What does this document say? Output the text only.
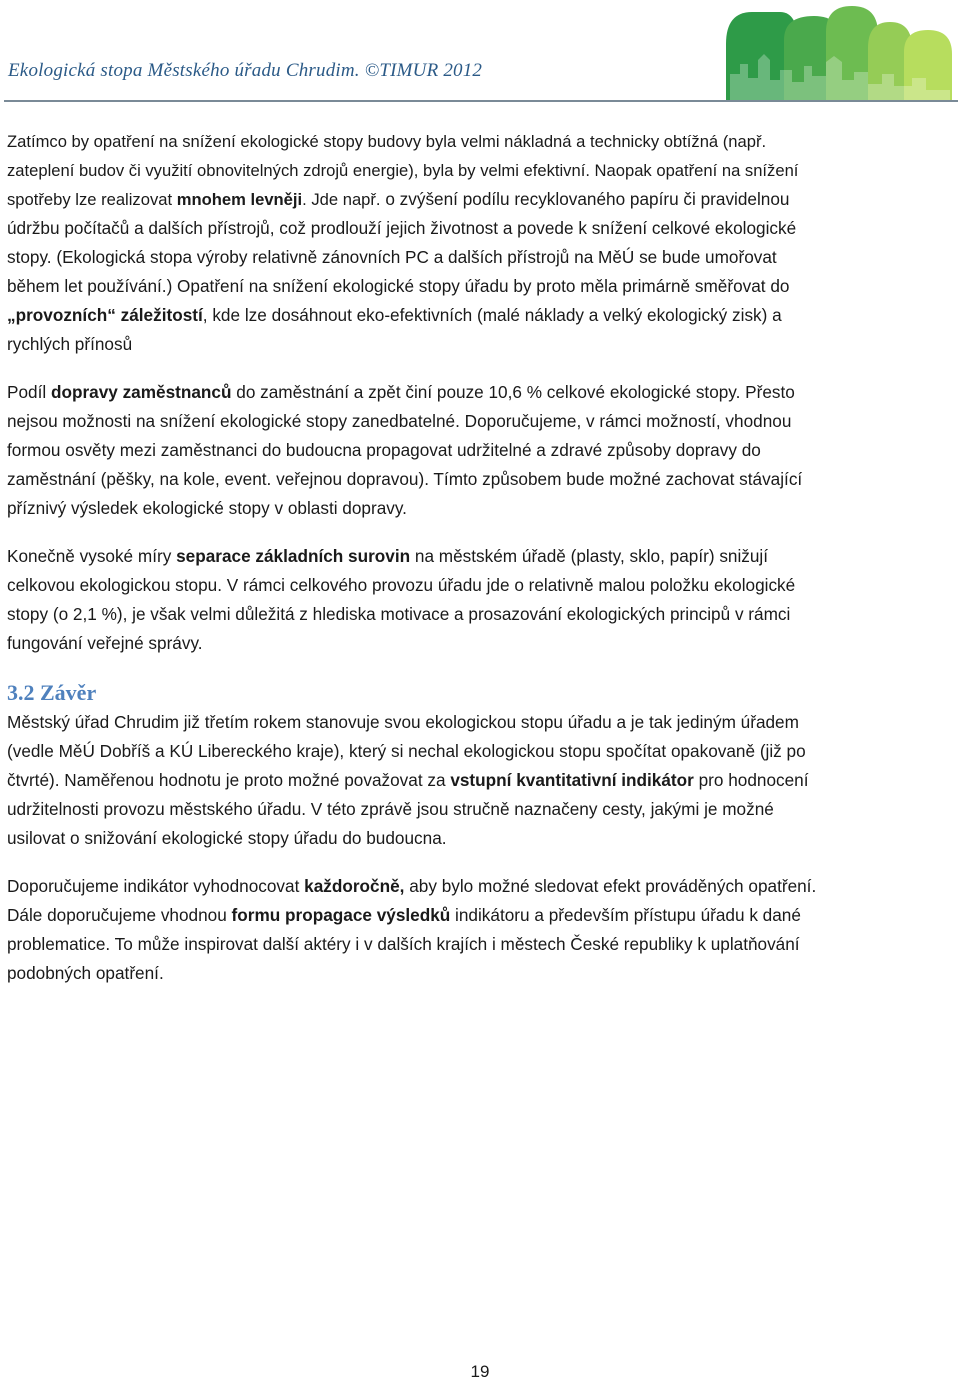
Ekologická stopa Městského úřadu Chrudim. ©TIMUR 2012

Zatímco by opatření na snížení ekologické stopy budovy byla velmi nákladná a technicky obtížná (např. zateplení budov či využití obnovitelných zdrojů energie), byla by velmi efektivní. Naopak opatření na snížení spotřeby lze realizovat mnohem levněji. Jde např. o zvýšení podílu recyklovaného papíru či pravidelnou údržbu počítačů a dalších přístrojů, což prodlouží jejich životnost a povede k snížení celkové ekologické stopy. (Ekologická stopa výroby relativně zánovních PC a dalších přístrojů na MěÚ se bude umořovat během let používání.) Opatření na snížení ekologické stopy úřadu by proto měla primárně směřovat do „provozních“ záležitostí, kde lze dosáhnout eko-efektivních (malé náklady a velký ekologický zisk) a rychlých přínosů

Podíl dopravy zaměstnanců do zaměstnání a zpět činí pouze 10,6 % celkové ekologické stopy. Přesto nejsou možnosti na snížení ekologické stopy zanedbatelné. Doporučujeme, v rámci možností, vhodnou formou osvěty mezi zaměstnanci do budoucna propagovat udržitelné a zdravé způsoby dopravy do zaměstnání (pěšky, na kole, event. veřejnou dopravou). Tímto způsobem bude možné zachovat stávající příznivý výsledek ekologické stopy v oblasti dopravy.

Konečně vysoké míry separace základních surovin na městském úřadě (plasty, sklo, papír) snižují celkovou ekologickou stopu. V rámci celkového provozu úřadu jde o relativně malou položku ekologické stopy (o 2,1 %), je však velmi důležitá z hlediska motivace a prosazování ekologických principů v rámci fungování veřejné správy.

3.2 Závěr

Městský úřad Chrudim již třetím rokem stanovuje svou ekologickou stopu úřadu a je tak jediným úřadem (vedle MěÚ Dobříš a KÚ Libereckého kraje), který si nechal ekologickou stopu spočítat opakovaně (již po čtvrté). Naměřenou hodnotu je proto možné považovat za vstupní kvantitativní indikátor pro hodnocení udržitelnosti provozu městského úřadu. V této zprávě jsou stručně naznačeny cesty, jakými je možné usilovat o snižování ekologické stopy úřadu do budoucna.

Doporučujeme indikátor vyhodnocovat každoročně, aby bylo možné sledovat efekt prováděných opatření. Dále doporučujeme vhodnou formu propagace výsledků indikátoru a především přístupu úřadu k dané problematice. To může inspirovat další aktéry i v dalších krajích i městech České republiky k uplatňování podobných opatření.

19
